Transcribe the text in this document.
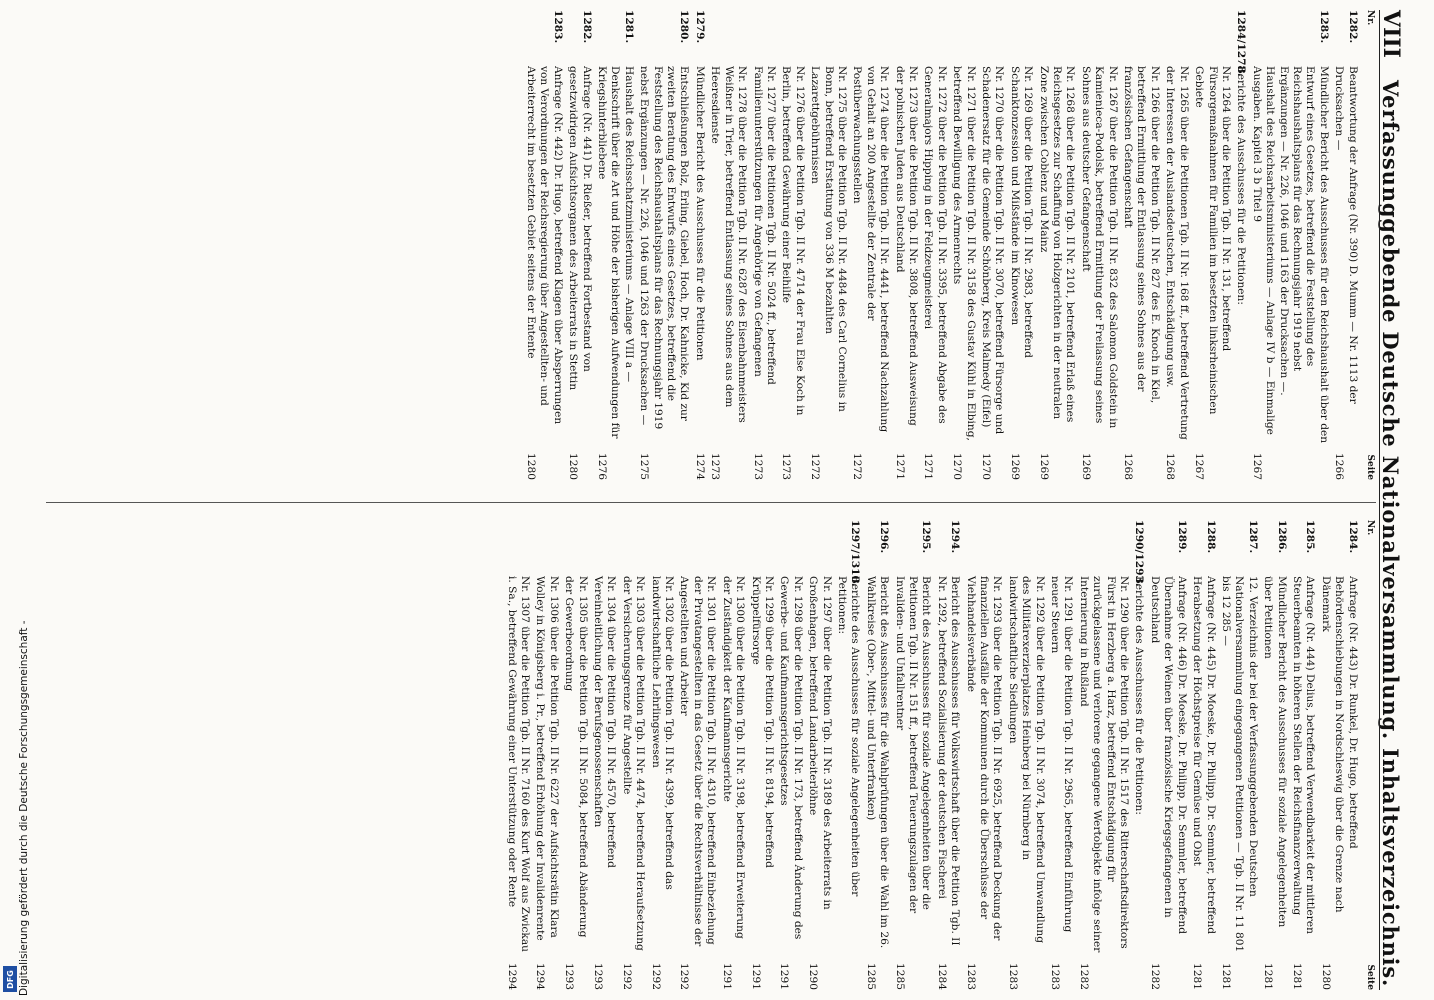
VIII
Verfassunggebende Deutsche Nationalversammlung. Inhaltsverzeichnis.
Nr.
Seite
1282.
Beantwortung der Anfrage (Nr. 390) D. Mumm — Nr. 1113 der Drucksachen —
1266
1283.
Mündlicher Bericht des Ausschusses für den Reichshaushalt über den Entwurf eines Gesetzes, betreffend die Feststellung des Reichshaushaltsplans für das Rechnungsjahr 1919 nebst Ergänzungen — Nr. 226, 1046 und 1163 der Drucksachen —. Haushalt des Reichsarbeitsministeriums — Anlage IV b — Einmalige Ausgaben. Kapitel 3 b Titel 9
1267
1284/1278.
Berichte des Ausschusses für die Petitionen:
Nr. 1264 über die Petition Tgb. II Nr. 131, betreffend Fürsorgemaßnahmen für Familien im besetzten linksrheinischen Gebiete
1267
Nr. 1265 über die Petitionen Tgb. II Nr. 168 ff., betreffend Vertretung der Interessen der Auslandsdeutschen, Entschädigung usw.
1268
Nr. 1266 über die Petition Tgb. II Nr. 827 des E. Knoch in Kiel, betreffend Ermittlung der Entlassung seines Sohnes aus der französischen Gefangenschaft
1268
Nr. 1267 über die Petition Tgb. II Nr. 832 des Salomon Goldstein in Kamienieca-Podolsk, betreffend Ermittlung der Freilassung seines Sohnes aus deutscher Gefangenschaft
1269
Nr. 1268 über die Petition Tgb. II Nr. 2101, betreffend Erlaß eines Reichsgesetzes zur Schaffung von Holzgerichten in der neutralen Zone zwischen Coblenz und Mainz
1269
Nr. 1269 über die Petition Tgb. II Nr. 2983, betreffend Schanktonzession und Mißstände im Kinowesen
1269
Nr. 1270 über die Petition Tgb. II Nr. 3070, betreffend Fürsorge und Schadenersatz für die Gemeinde Schönberg, Kreis Malmedy (Eifel)
1270
Nr. 1271 über die Petition Tgb. II Nr. 3158 des Gustav Kühl in Elbing, betreffend Bewilligung des Armenrechts
1270
Nr. 1272 über die Petition Tgb. II Nr. 3395, betreffend Abgabe des Generalmajors Hipping in der Feldzeugmeisterei
1271
Nr. 1273 über die Petition Tgb. II Nr. 3808, betreffend Ausweisung der polnischen Juden aus Deutschland
1271
Nr. 1274 über die Petition Tgb. II Nr. 4441, betreffend Nachzahlung von Gehalt an 200 Angestellte der Zentrale der Postüberwachungsstellen
1272
Nr. 1275 über die Petition Tgb. II Nr. 4484 des Carl Cornelius in Bonn, betreffend Erstattung von 336 M bezahlten Lazarettgebührnissen
1272
Nr. 1276 über die Petition Tgb. II Nr. 4714 der Frau Else Koch in Berlin, betreffend Gewährung einer Beihilfe
1273
Nr. 1277 über die Petitionen Tgb. II Nr. 5024 ff., betreffend Familienunterstützungen für Angehörige von Gefangenen
1273
Nr. 1278 über die Petition Tgb. II Nr. 6287 des Eisenbahnmeisters Weißner in Trier, betreffend Entlassung seines Sohnes aus dem Heeresdienste
1273
1279.
Mündlicher Bericht des Ausschusses für die Petitionen
1274
1280.
Entschließungen Bolz, Erling, Giebel, Hoch, Dr. Kahnicke, Kid zur zweiten Beratung des Entwurfs eines Gesetzes, betreffend die Feststellung des Reichshaushaltsplans für das Rechnungsjahr 1919 nebst Ergänzungen — Nr. 226, 1046 und 1263 der Drucksachen —
1275
1281.
Haushalt des Reichsschatzministeriums — Anlage VIII a — Denkschrift über die Art und Höhe der bisherigen Aufwendungen für Kriegshinterbliebene
1276
1282.
Anfrage (Nr. 441) Dr. Rießer, betreffend Fortbestand von gesetzwidrigen Aufsichtsorganen des Arbeiterrats in Stettin
1280
1283.
Anfrage (Nr. 442) Dr. Hugo, betreffend Klagen über Absperrungen von Verordnungen der Reichsregierung über Angestellten- und Arbeiterrecht im besetzten Gebiet seitens der Entente
1280
Nr.
Seite
1284.
Anfrage (Nr. 443) Dr. Runkel, Dr. Hugo, betreffend Behördenschiebungen in Nordschleswig über die Grenze nach Dänemark
1280
1285.
Anfrage (Nr. 444) Delius, betreffend Verwendbarkeit der mittleren Steuerbeamten in höheren Stellen der Reichsfinanzverwaltung
1281
1286.
Mündlicher Bericht des Ausschusses für soziale Angelegenheiten über Petitionen
1281
1287.
12. Verzeichnis der bei der Verfassunggebenden Deutschen Nationalversammlung eingegangenen Petitionen — Tgb. II Nr. 11 801 bis 12 285 —
1281
1288.
Anfrage (Nr. 445) Dr. Moeske, Dr. Philipp, Dr. Semmler, betreffend Herabsetzung der Höchstpreise für Gemüse und Obst
1281
1289.
Anfrage (Nr. 446) Dr. Moeske, Dr. Philipp, Dr. Semmler, betreffend Übernahme der Weinen über französische Kriegsgefangenen in Deutschland
1282
1290/1293.
Berichte des Ausschusses für die Petitionen:
Nr. 1290 über die Petition Tgb. II Nr. 1517 des Ritterschaftsdirektors Fürst in Herzberg a. Harz, betreffend Entschädigung für zurückgelassene und verlorene gegangene Wertobjekte infolge seiner Internierung in Rußland
1282
Nr. 1291 über die Petition Tgb. II Nr. 2965, betreffend Einführung neuer Steuern
1283
Nr. 1292 über die Petition Tgb. II Nr. 3074, betreffend Umwandlung des Militärexerzierplatzes Heinberg bei Nürnberg in landwirtschaftliche Siedlungen
1283
Nr. 1293 über die Petition Tgb. II Nr. 6925, betreffend Deckung der finanziellen Ausfälle der Kommunen durch die Überschüsse der Viehhandelsverbände
1283
1294.
Bericht des Ausschusses für Volkswirtschaft über die Petition Tgb. II Nr. 1292, betreffend Sozialisierung der deutschen Fischerei
1284
1295.
Bericht des Ausschusses für soziale Angelegenheiten über die Petitionen Tgb. II Nr. 151 ff., betreffend Teuerungszulagen der Invaliden- und Unfallrentner
1285
1296.
Bericht des Ausschusses für die Wahlprüfungen über die Wahl im 26. Wahlkreise (Ober-, Mittel- und Unterfranken)
1285
1297/1310.
Berichte des Ausschusses für soziale Angelegenheiten über Petitionen:
Nr. 1297 über die Petition Tgb. II Nr. 3189 des Arbeiterrats in Großenhagen, betreffend Landarbeiterlöhne
1290
Nr. 1298 über die Petition Tgb. II Nr. 173, betreffend Änderung des Gewerbe- und Kaufmannsgerichtsgesetzes
1291
Nr. 1299 über die Petition Tgb. II Nr. 8194, betreffend Krüppelfürsorge
1291
Nr. 1300 über die Petition Tgb. II Nr. 3198, betreffend Erweiterung der Zuständigkeit der Kaufmannsgerichte
1291
Nr. 1301 über die Petition Tgb. II Nr. 4310, betreffend Einbeziehung der Privatangestellten in das Gesetz über die Rechtsverhältnisse der Angestellten und Arbeiter
1292
Nr. 1302 über die Petition Tgb. II Nr. 4399, betreffend das landwirtschaftliche Lehrlingswesen
1292
Nr. 1303 über die Petition Tgb. II Nr. 4474, betreffend Heraufsetzung der Versicherungsgrenze für Angestellte
1292
Nr. 1304 über die Petition Tgb. II Nr. 4570, betreffend Vereinheitlichung der Berufsgenossenschaften
1293
Nr. 1305 über die Petition Tgb. II Nr. 5084, betreffend Abänderung der Gewerbeordnung
1293
Nr. 1306 über die Petition Tgb. II Nr. 6227 der Aufsichtsrätin Klara Wolley in Königsberg i. Pr., betreffend Erhöhung der Invalidenrente
1294
Nr. 1307 über die Petition Tgb. II Nr. 7160 des Kurt Wolf aus Zwickau i. Sa., betreffend Gewährung einer Unterstützung oder Rente
1294
DFG Digitalisierung gefördert durch die Deutsche Forschungsgemeinschaft -
